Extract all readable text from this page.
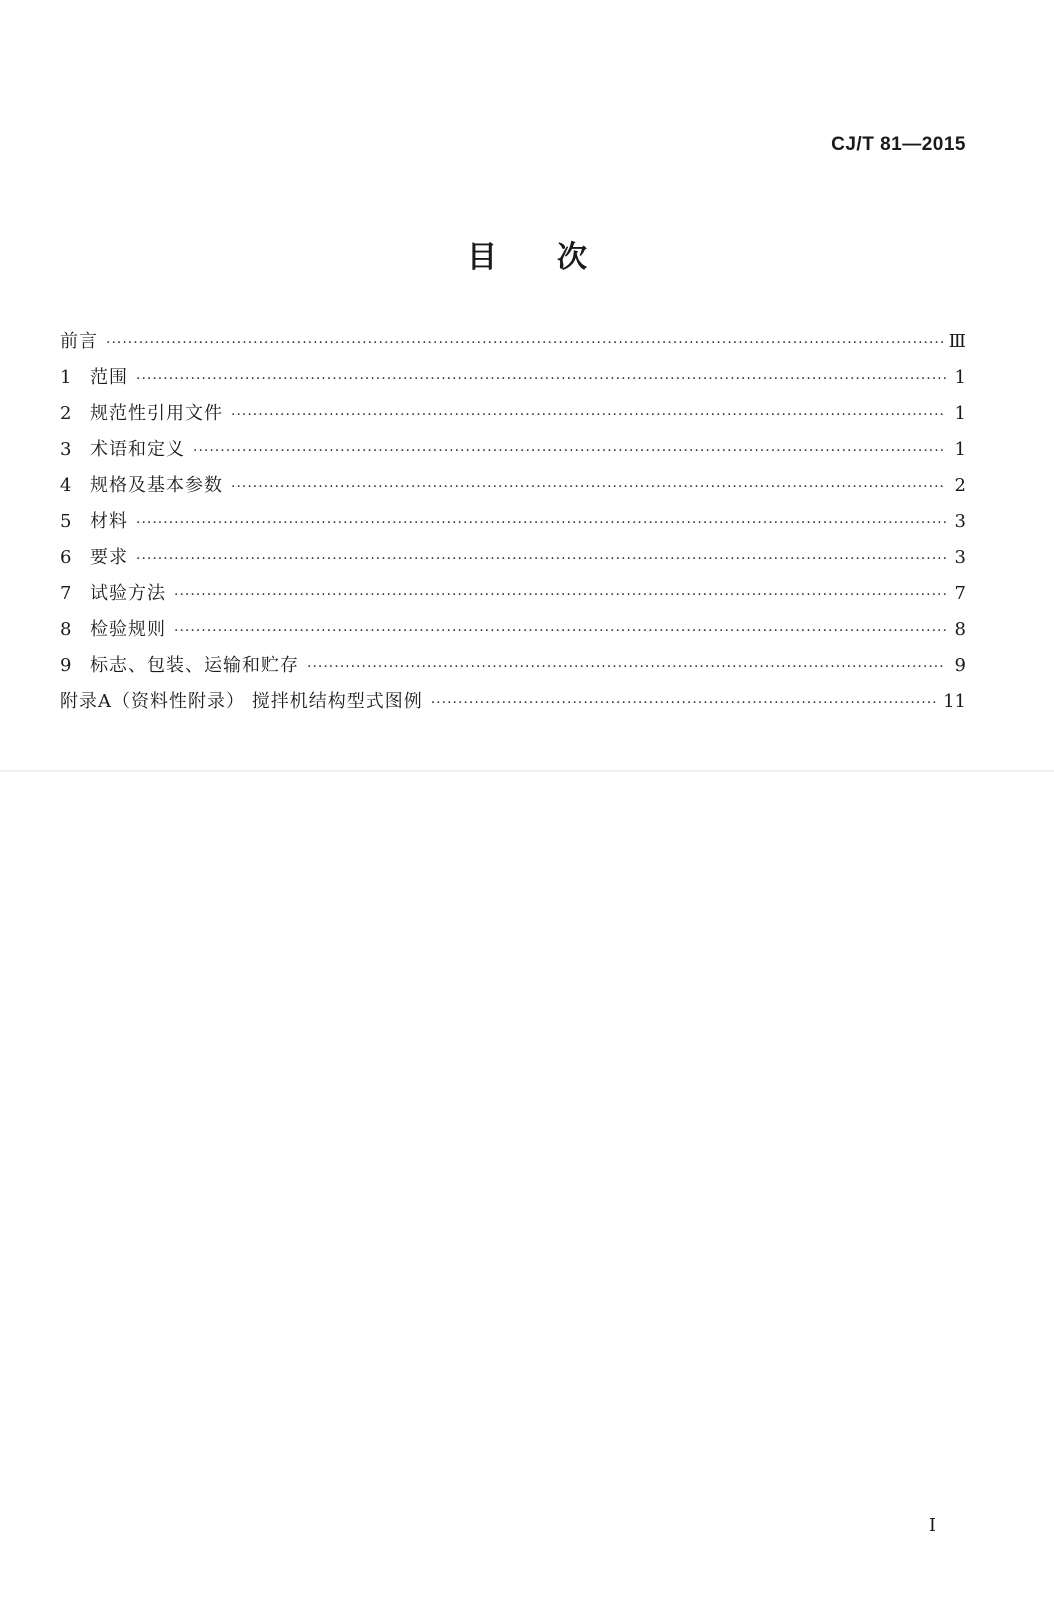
CJ/T 81—2015
目次
前言 ·····	Ⅲ
1	范围 ·····	1
2	规范性引用文件 ·····	1
3	术语和定义 ·····	1
4	规格及基本参数 ·····	2
5	材料 ·····	3
6	要求 ·····	3
7	试验方法 ·····	7
8	检验规则 ·····	8
9	标志、包装、运输和贮存 ·····	9
附录A（资料性附录） 搅拌机结构型式图例 ·····	11
I
